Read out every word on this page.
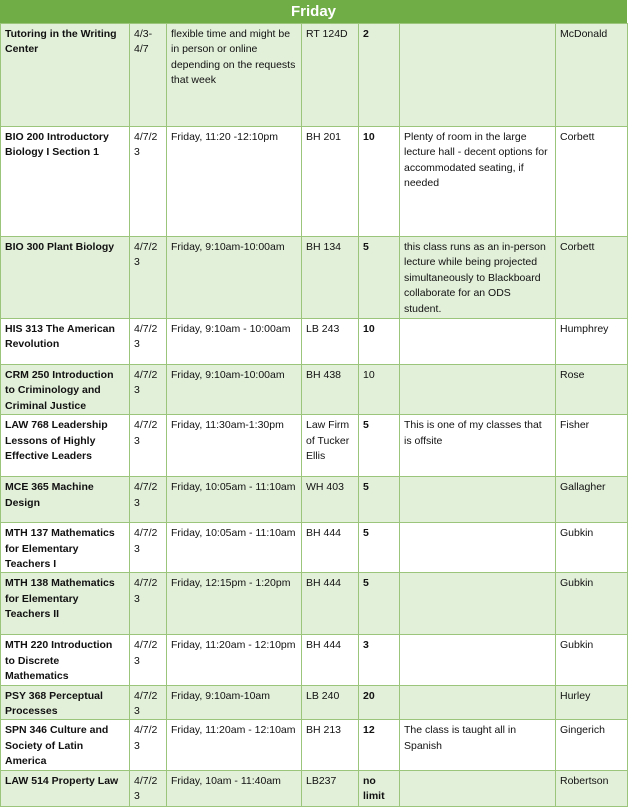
Friday
Tutoring in the Writing Center	4/3-4/7	flexible time and might be in person or online depending on the requests that week	RT 124D	2		McDonald
BIO 200 Introductory Biology I Section 1	4/7/23	Friday, 11:20 -12:10pm	BH 201	10	Plenty of room in the large lecture hall - decent options for accommodated seating, if needed	Corbett
BIO 300 Plant Biology	4/7/23	Friday, 9:10am-10:00am	BH 134	5	this class runs as an in-person lecture while being projected simultaneously to Blackboard collaborate for an ODS student.	Corbett
HIS 313 The American Revolution	4/7/23	Friday, 9:10am - 10:00am	LB 243	10		Humphrey
CRM 250 Introduction to Criminology and Criminal Justice	4/7/23	Friday, 9:10am-10:00am	BH 438	10		Rose
LAW 768 Leadership Lessons of Highly Effective Leaders	4/7/23	Friday, 11:30am-1:30pm	Law Firm of Tucker Ellis	5	This is one of my classes that is offsite	Fisher
MCE 365 Machine Design	4/7/23	Friday, 10:05am - 11:10am	WH 403	5		Gallagher
MTH 137 Mathematics for Elementary Teachers I	4/7/23	Friday, 10:05am - 11:10am	BH 444	5		Gubkin
MTH 138 Mathematics for Elementary Teachers II	4/7/23	Friday, 12:15pm - 1:20pm	BH 444	5		Gubkin
MTH 220 Introduction to Discrete Mathematics	4/7/23	Friday, 11:20am - 12:10pm	BH 444	3		Gubkin
PSY 368 Perceptual Processes	4/7/23	Friday, 9:10am-10am	LB 240	20		Hurley
SPN 346 Culture and Society of Latin America	4/7/23	Friday, 11:20am - 12:10am	BH 213	12	The class is taught all in Spanish	Gingerich
LAW 514 Property Law	4/7/23	Friday, 10am - 11:40am	LB237	no limit		Robertson
